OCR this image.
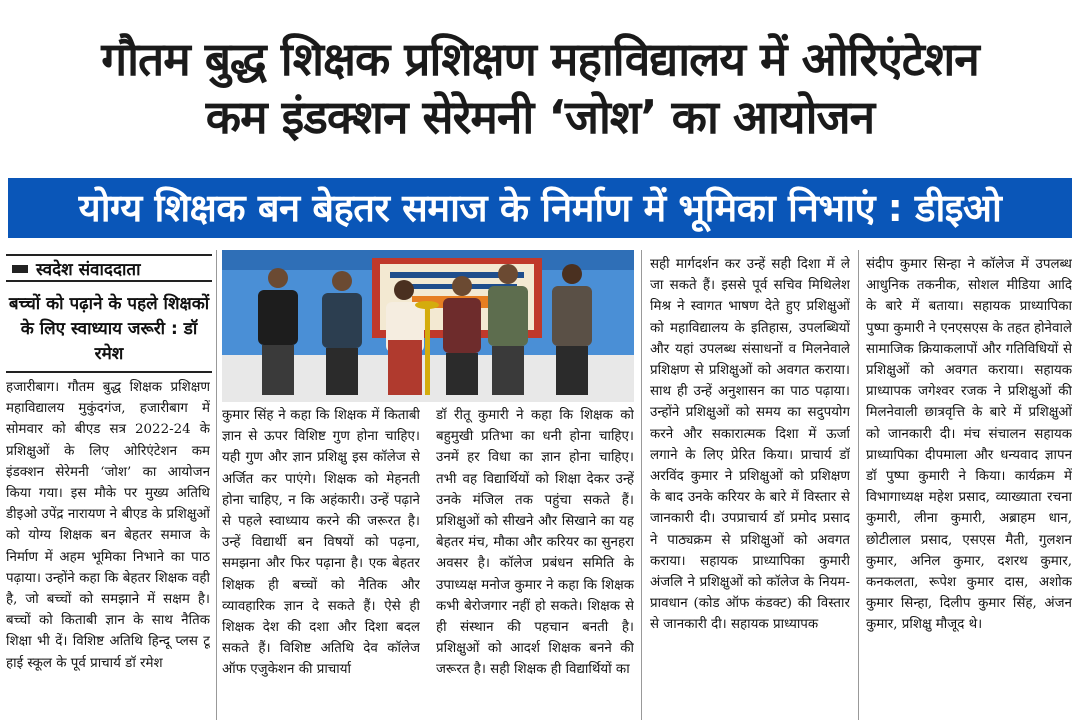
गौतम बुद्ध शिक्षक प्रशिक्षण महाविद्यालय में ओरिएंटेशन
कम इंडक्शन सेरेमनी ‘जोश’ का आयोजन
योग्य शिक्षक बन बेहतर समाज के निर्माण में भूमिका निभाएं : डीइओ
स्वदेश संवाददाता
बच्चों को पढ़ाने के पहले शिक्षकों के लिए स्वाध्याय जरूरी : डॉ रमेश

हजारीबाग। गौतम बुद्ध शिक्षक प्रशिक्षण महाविद्यालय मुकुंदगंज, हजारीबाग में सोमवार को बीएड सत्र 2022-24 के प्रशिक्षुओं के लिए ओरिएंटेशन कम इंडक्शन सेरेमनी ‘जोश’ का आयोजन किया गया। इस मौके पर मुख्य अतिथि डीइओ उपेंद्र नारायण ने बीएड के प्रशिक्षुओं को योग्य शिक्षक बन बेहतर समाज के निर्माण में अहम भूमिका निभाने का पाठ पढ़ाया। उन्होंने कहा कि बेहतर शिक्षक वही है, जो बच्चों को समझाने में सक्षम है। बच्चों को किताबी ज्ञान के साथ नैतिक शिक्षा भी दें। विशिष्ट अतिथि हिन्दू प्लस टू हाई स्कूल के पूर्व प्राचार्य डॉ रमेश

कुमार सिंह ने कहा कि शिक्षक में किताबी ज्ञान से ऊपर विशिष्ट गुण होना चाहिए। यही गुण और ज्ञान प्रशिक्षु इस कॉलेज से अर्जित कर पाएंगे। शिक्षक को मेहनती होना चाहिए, न कि अहंकारी। उन्हें पढ़ाने से पहले स्वाध्याय करने की जरूरत है। उन्हें विद्यार्थी बन विषयों को पढ़ना, समझना और फिर पढ़ाना है। एक बेहतर शिक्षक ही बच्चों को नैतिक और व्यावहारिक ज्ञान दे सकते हैं। ऐसे ही शिक्षक देश की दशा और दिशा बदल सकते हैं। विशिष्ट अतिथि देव कॉलेज ऑफ एजुकेशन की प्राचार्या

डॉ रीतू कुमारी ने कहा कि शिक्षक को बहुमुखी प्रतिभा का धनी होना चाहिए। उनमें हर विधा का ज्ञान होना चाहिए। तभी वह विद्यार्थियों को शिक्षा देकर उन्हें उनके मंजिल तक पहुंचा सकते हैं। प्रशिक्षुओं को सीखने और सिखाने का यह बेहतर मंच, मौका और करियर का सुनहरा अवसर है। कॉलेज प्रबंधन समिति के उपाध्यक्ष मनोज कुमार ने कहा कि शिक्षक कभी बेरोजगार नहीं हो सकते। शिक्षक से ही संस्थान की पहचान बनती है। प्रशिक्षुओं को आदर्श शिक्षक बनने की जरूरत है। सही शिक्षक ही विद्यार्थियों का

सही मार्गदर्शन कर उन्हें सही दिशा में ले जा सकते हैं। इससे पूर्व सचिव मिथिलेश मिश्र ने स्वागत भाषण देते हुए प्रशिक्षुओं को महाविद्यालय के इतिहास, उपलब्धियों और यहां उपलब्ध संसाधनों व मिलनेवाले प्रशिक्षण से प्रशिक्षुओं को अवगत कराया। साथ ही उन्हें अनुशासन का पाठ पढ़ाया। उन्होंने प्रशिक्षुओं को समय का सदुपयोग करने और सकारात्मक दिशा में ऊर्जा लगाने के लिए प्रेरित किया। प्राचार्य डॉ अरविंद कुमार ने प्रशिक्षुओं को प्रशिक्षण के बाद उनके करियर के बारे में विस्तार से जानकारी दी। उपप्राचार्य डॉ प्रमोद प्रसाद ने पाठ्यक्रम से प्रशिक्षुओं को अवगत कराया। सहायक प्राध्यापिका कुमारी अंजलि ने प्रशिक्षुओं को कॉलेज के नियम-प्रावधान (कोड ऑफ कंडक्ट) की विस्तार से जानकारी दी। सहायक प्राध्यापक

संदीप कुमार सिन्हा ने कॉलेज में उपलब्ध आधुनिक तकनीक, सोशल मीडिया आदि के बारे में बताया। सहायक प्राध्यापिका पुष्पा कुमारी ने एनएसएस के तहत होनेवाले सामाजिक क्रियाकलापों और गतिविधियों से प्रशिक्षुओं को अवगत कराया। सहायक प्राध्यापक जगेश्वर रजक ने प्रशिक्षुओं की मिलनेवाली छात्रवृत्ति के बारे में प्रशिक्षुओं को जानकारी दी। मंच संचालन सहायक प्राध्यापिका दीपमाला और धन्यवाद ज्ञापन डॉ पुष्पा कुमारी ने किया। कार्यक्रम में विभागाध्यक्ष महेश प्रसाद, व्याख्याता रचना कुमारी, लीना कुमारी, अब्राहम धान, छोटीलाल प्रसाद, एसएस मैती, गुलशन कुमार, अनिल कुमार, दशरथ कुमार, कनकलता, रूपेश कुमार दास, अशोक कुमार सिन्हा, दिलीप कुमार सिंह, अंजन कुमार, प्रशिक्षु मौजूद थे।
